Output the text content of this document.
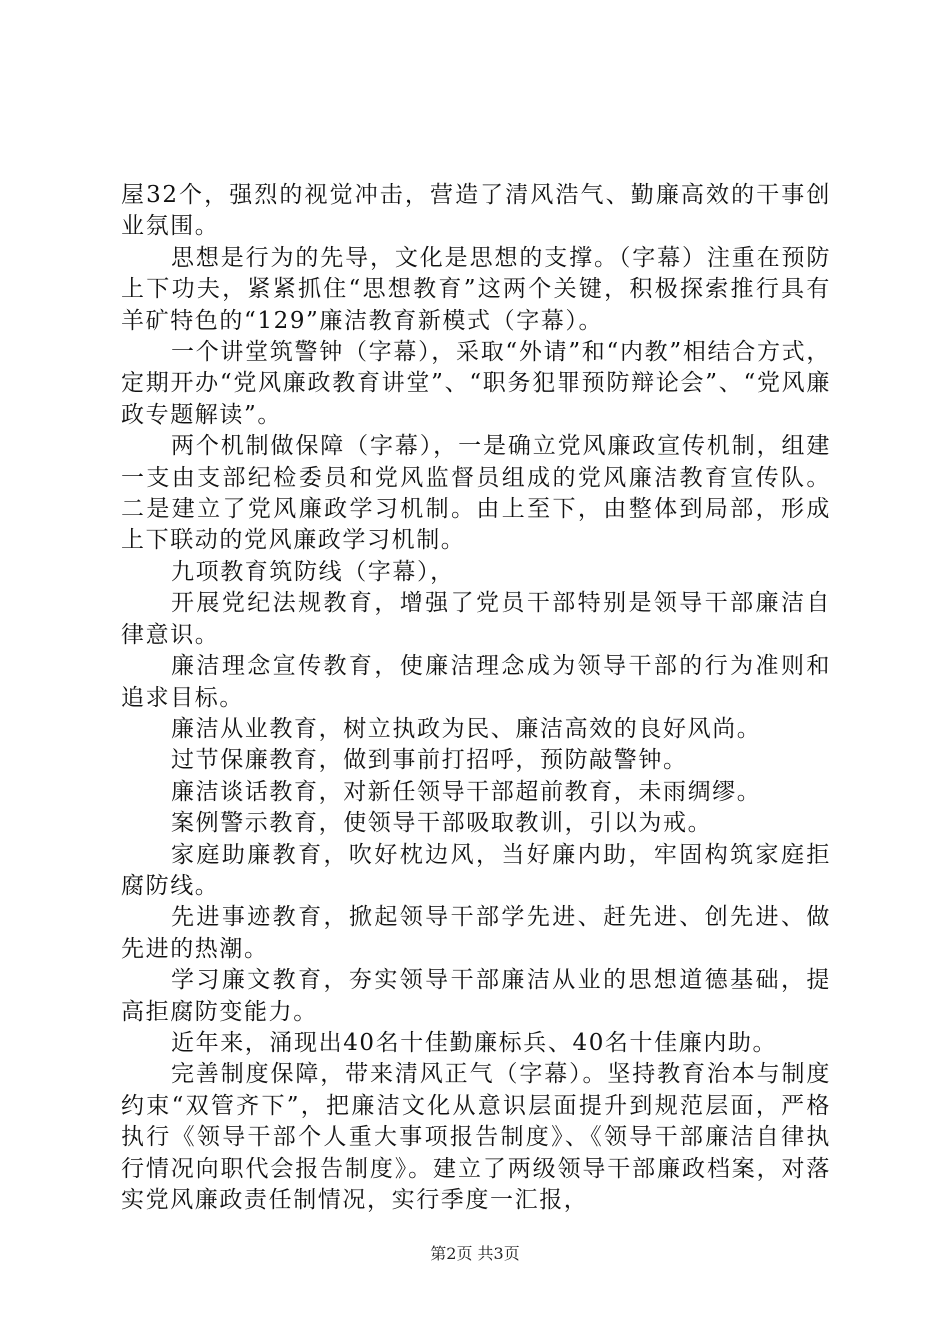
屋32个，强烈的视觉冲击，营造了清风浩气、勤廉高效的干事创业氛围。

思想是行为的先导，文化是思想的支撑。（字幕）注重在预防上下功夫，紧紧抓住“思想教育”这两个关键，积极探索推行具有羊矿特色的“129”廉洁教育新模式（字幕）。

一个讲堂筑警钟（字幕），采取“外请”和“内教”相结合方式，定期开办“党风廉政教育讲堂”、“职务犯罪预防辩论会”、“党风廉政专题解读”。

两个机制做保障（字幕），一是确立党风廉政宣传机制，组建一支由支部纪检委员和党风监督员组成的党风廉洁教育宣传队。二是建立了党风廉政学习机制。由上至下，由整体到局部，形成上下联动的党风廉政学习机制。

九项教育筑防线（字幕），

开展党纪法规教育，增强了党员干部特别是领导干部廉洁自律意识。

廉洁理念宣传教育，使廉洁理念成为领导干部的行为准则和追求目标。

廉洁从业教育，树立执政为民、廉洁高效的良好风尚。

过节保廉教育，做到事前打招呼，预防敲警钟。

廉洁谈话教育，对新任领导干部超前教育，未雨绸缪。

案例警示教育，使领导干部吸取教训，引以为戒。

家庭助廉教育，吹好枕边风，当好廉内助，牢固构筑家庭拒腐防线。

先进事迹教育，掀起领导干部学先进、赶先进、创先进、做先进的热潮。

学习廉文教育，夯实领导干部廉洁从业的思想道德基础，提高拒腐防变能力。

近年来，涌现出40名十佳勤廉标兵、40名十佳廉内助。

完善制度保障，带来清风正气（字幕）。坚持教育治本与制度约束“双管齐下”，把廉洁文化从意识层面提升到规范层面，严格执行《领导干部个人重大事项报告制度》、《领导干部廉洁自律执行情况向职代会报告制度》。建立了两级领导干部廉政档案，对落实党风廉政责任制情况，实行季度一汇报，

第2页 共3页
